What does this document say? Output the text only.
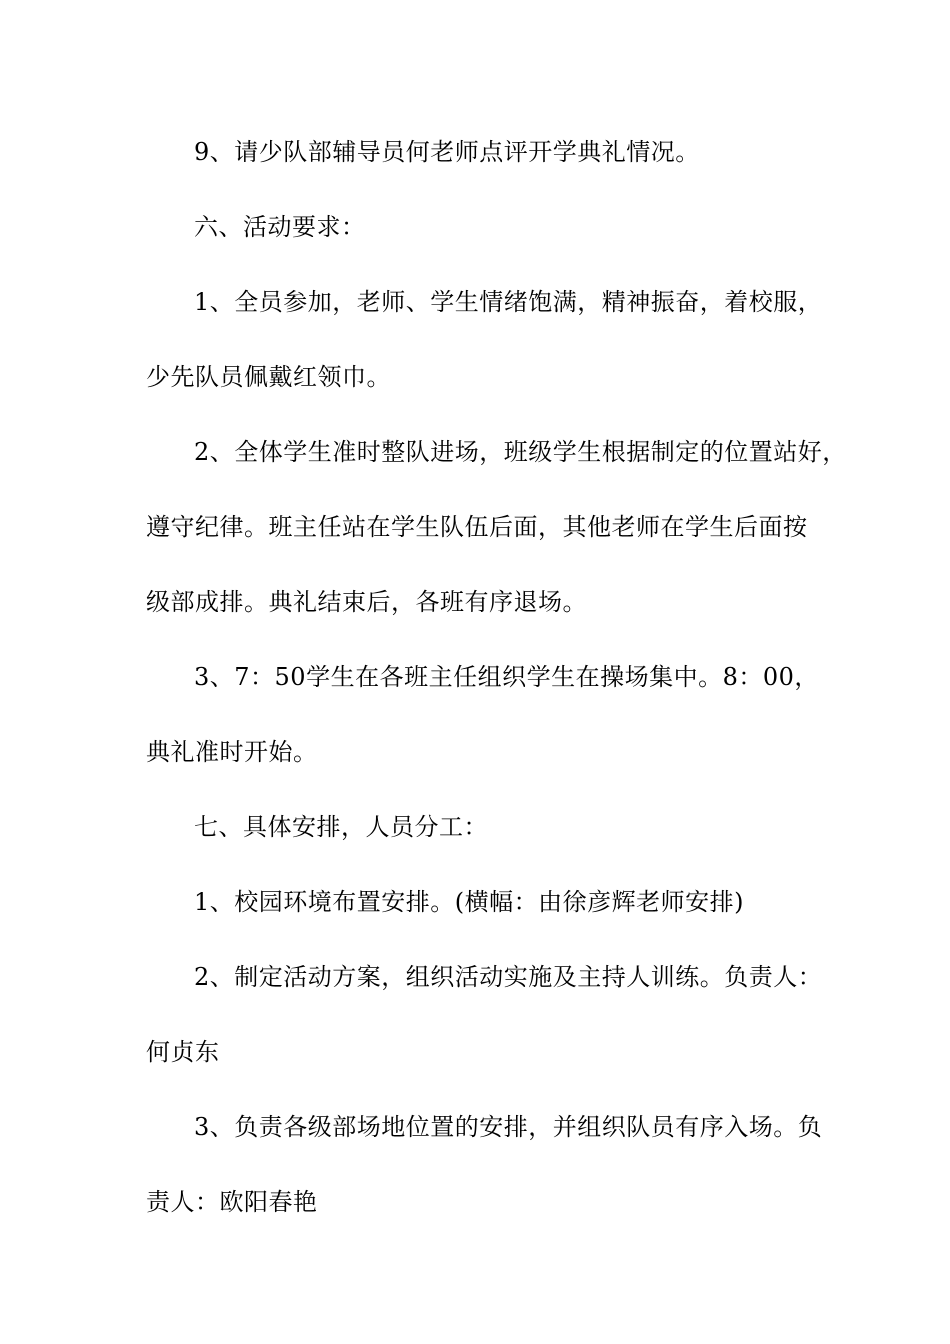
9、请少队部辅导员何老师点评开学典礼情况。
六、活动要求：
1、全员参加，老师、学生情绪饱满，精神振奋，着校服，
少先队员佩戴红领巾。
2、全体学生准时整队进场，班级学生根据制定的位置站好，
遵守纪律。班主任站在学生队伍后面，其他老师在学生后面按
级部成排。典礼结束后，各班有序退场。
3、7：50学生在各班主任组织学生在操场集中。8：00，
典礼准时开始。
七、具体安排，人员分工：
1、校园环境布置安排。(横幅：由徐彦辉老师安排)
2、制定活动方案，组织活动实施及主持人训练。负责人：
何贞东
3、负责各级部场地位置的安排，并组织队员有序入场。负
责人：欧阳春艳
